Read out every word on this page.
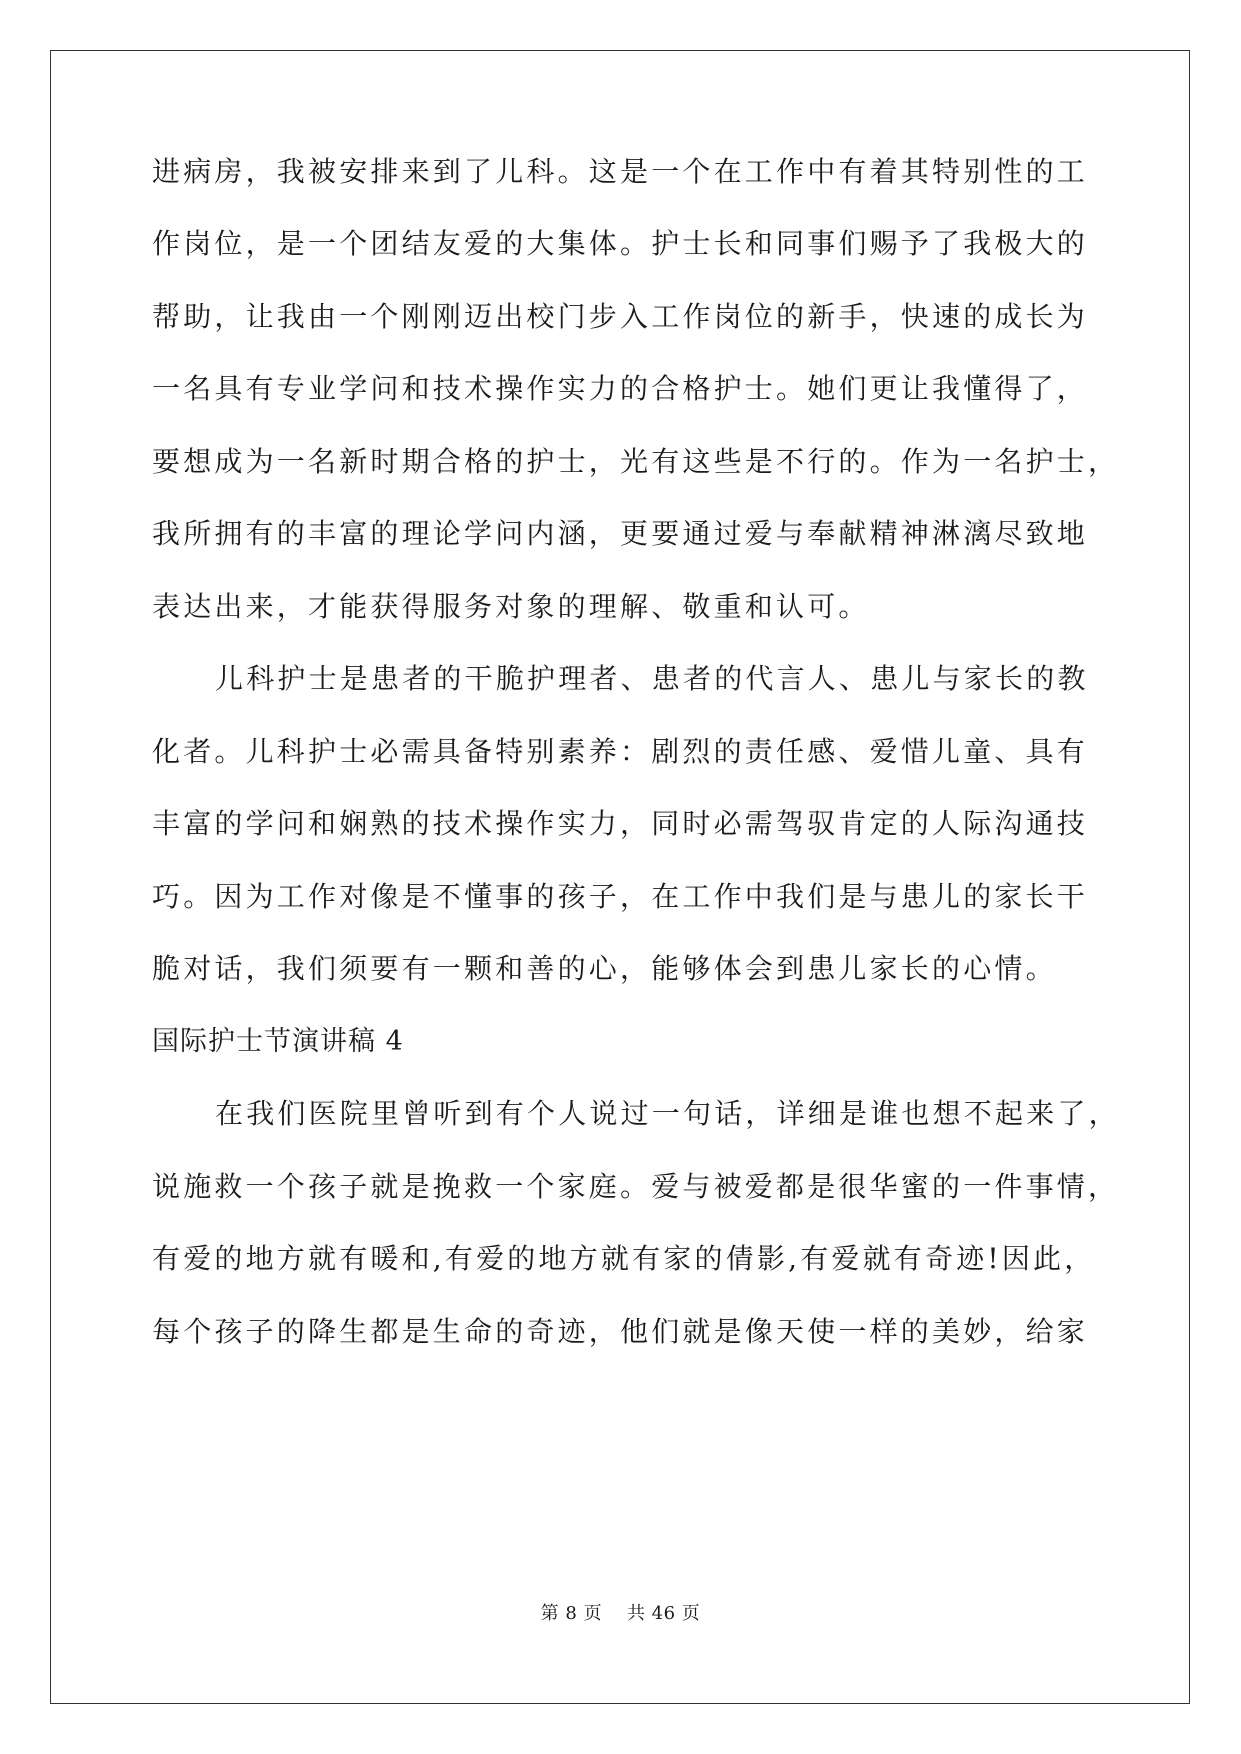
进病房，我被安排来到了儿科。这是一个在工作中有着其特别性的工
作岗位，是一个团结友爱的大集体。护士长和同事们赐予了我极大的
帮助，让我由一个刚刚迈出校门步入工作岗位的新手，快速的成长为
一名具有专业学问和技术操作实力的合格护士。她们更让我懂得了，
要想成为一名新时期合格的护士，光有这些是不行的。作为一名护士，
我所拥有的丰富的理论学问内涵，更要通过爱与奉献精神淋漓尽致地
表达出来，才能获得服务对象的理解、敬重和认可。
儿科护士是患者的干脆护理者、患者的代言人、患儿与家长的教
化者。儿科护士必需具备特别素养：剧烈的责任感、爱惜儿童、具有
丰富的学问和娴熟的技术操作实力，同时必需驾驭肯定的人际沟通技
巧。因为工作对像是不懂事的孩子，在工作中我们是与患儿的家长干
脆对话，我们须要有一颗和善的心，能够体会到患儿家长的心情。
国际护士节演讲稿 4
在我们医院里曾听到有个人说过一句话，详细是谁也想不起来了，
说施救一个孩子就是挽救一个家庭。爱与被爱都是很华蜜的一件事情，
有爱的地方就有暖和,有爱的地方就有家的倩影,有爱就有奇迹!因此，
每个孩子的降生都是生命的奇迹，他们就是像天使一样的美妙，给家
第 8 页    共 46 页
